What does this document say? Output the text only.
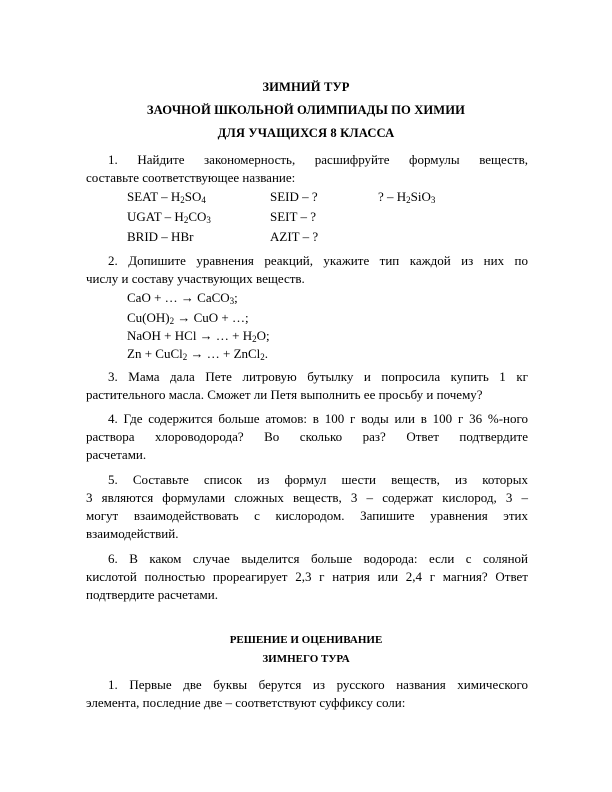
ЗИМНИЙ ТУР
ЗАОЧНОЙ ШКОЛЬНОЙ ОЛИМПИАДЫ ПО ХИМИИ
ДЛЯ УЧАЩИХСЯ 8 КЛАССА
1. Найдите закономерность, расшифруйте формулы веществ,
составьте соответствующее название:
SEAT – $H_2SO_4$
UGAT – $H_2CO_3$
BRID – HBr
SEID – ?
SEIT – ?
AZIT – ?
? – $H_2SiO_3$
2. Допишите уравнения реакций, укажите тип каждой из них по
числу и составу участвующих веществ.
CaO + … → CaCO$_3$;
$Cu(OH)_2$ → CuO + …;
NaOH + HCl → … + $H_2O$;
Zn + CuCl$_2$ → … + ZnCl$_2$.
3. Мама дала Пете литровую бутылку и попросила купить 1 кг
растительного масла. Сможет ли Петя выполнить ее просьбу и почему?
4. Где содержится больше атомов: в 100 г воды или в 100 г 36 %-ного
раствора хлороводорода? Во сколько раз? Ответ подтвердите
расчетами.
5. Составьте список из формул шести веществ, из которых
3 являются формулами сложных веществ, 3 – содержат кислород, 3 –
могут взаимодействовать с кислородом. Запишите уравнения этих
взаимодействий.
6. В каком случае выделится больше водорода: если с соляной
кислотой полностью прореагирует 2,3 г натрия или 2,4 г магния? Ответ
подтвердите расчетами.
РЕШЕНИЕ И ОЦЕНИВАНИЕ
ЗИМНЕГО ТУРА
1. Первые две буквы берутся из русского названия химического
элемента, последние две – соответствуют суффиксу соли:
